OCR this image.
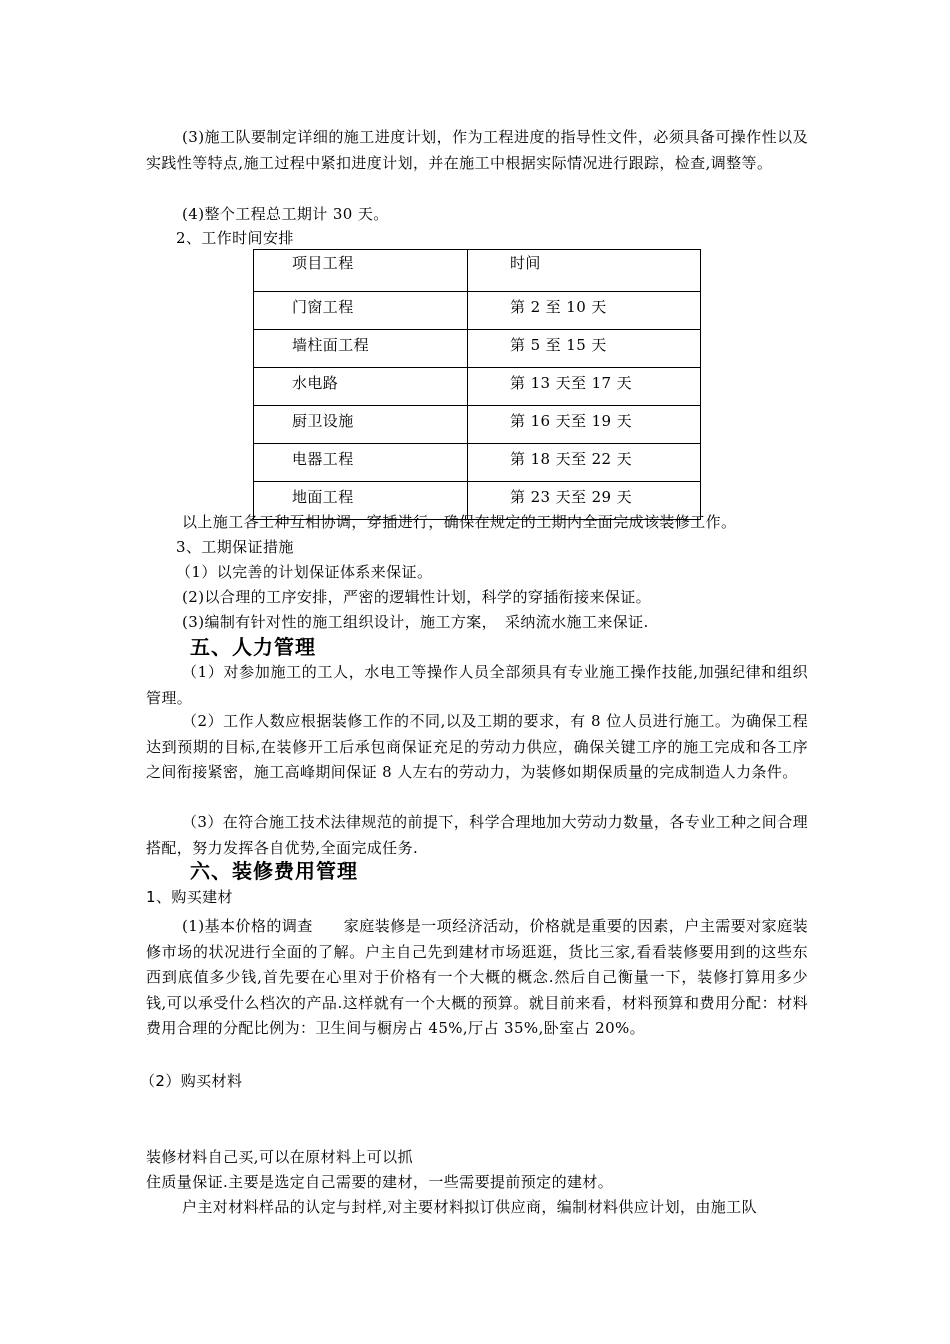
(3)施工队要制定详细的施工进度计划，作为工程进度的指导性文件，必须具备可操作性以及实践性等特点,施工过程中紧扣进度计划，并在施工中根据实际情况进行跟踪，检查,调整等。

(4)整个工程总工期计 30 天。

2、工作时间安排

项目工程	时间
门窗工程	第 2 至 10 天
墙柱面工程	第 5 至 15 天
水电路	第 13 天至 17 天
厨卫设施	第 16 天至 19 天
电器工程	第 18 天至 22 天
地面工程	第 23 天至 29 天

以上施工各工种互相协调，穿插进行，确保在规定的工期内全面完成该装修工作。

3、工期保证措施

（1）以完善的计划保证体系来保证。

(2)以合理的工序安排，严密的逻辑性计划，科学的穿插衔接来保证。

(3)编制有针对性的施工组织设计，施工方案，　采纳流水施工来保证.

五、人力管理

（1）对参加施工的工人，水电工等操作人员全部须具有专业施工操作技能,加强纪律和组织管理。

（2）工作人数应根据装修工作的不同,以及工期的要求，有 8 位人员进行施工。为确保工程达到预期的目标,在装修开工后承包商保证充足的劳动力供应，确保关键工序的施工完成和各工序之间衔接紧密，施工高峰期间保证 8 人左右的劳动力，为装修如期保质量的完成制造人力条件。

（3）在符合施工技术法律规范的前提下，科学合理地加大劳动力数量，各专业工种之间合理搭配，努力发挥各自优势,全面完成任务.

六、装修费用管理

1、购买建材

(1)基本价格的调查　　家庭装修是一项经济活动，价格就是重要的因素，户主需要对家庭装修市场的状况进行全面的了解。户主自己先到建材市场逛逛，货比三家,看看装修要用到的这些东西到底值多少钱,首先要在心里对于价格有一个大概的概念.然后自己衡量一下，装修打算用多少钱,可以承受什么档次的产品.这样就有一个大概的预算。就目前来看，材料预算和费用分配：材料费用合理的分配比例为：卫生间与橱房占 45%,厅占 35%,卧室占 20%。

（2）购买材料

装修材料自己买,可以在原材料上可以抓

住质量保证.主要是选定自己需要的建材，一些需要提前预定的建材。

户主对材料样品的认定与封样,对主要材料拟订供应商，编制材料供应计划，由施工队
